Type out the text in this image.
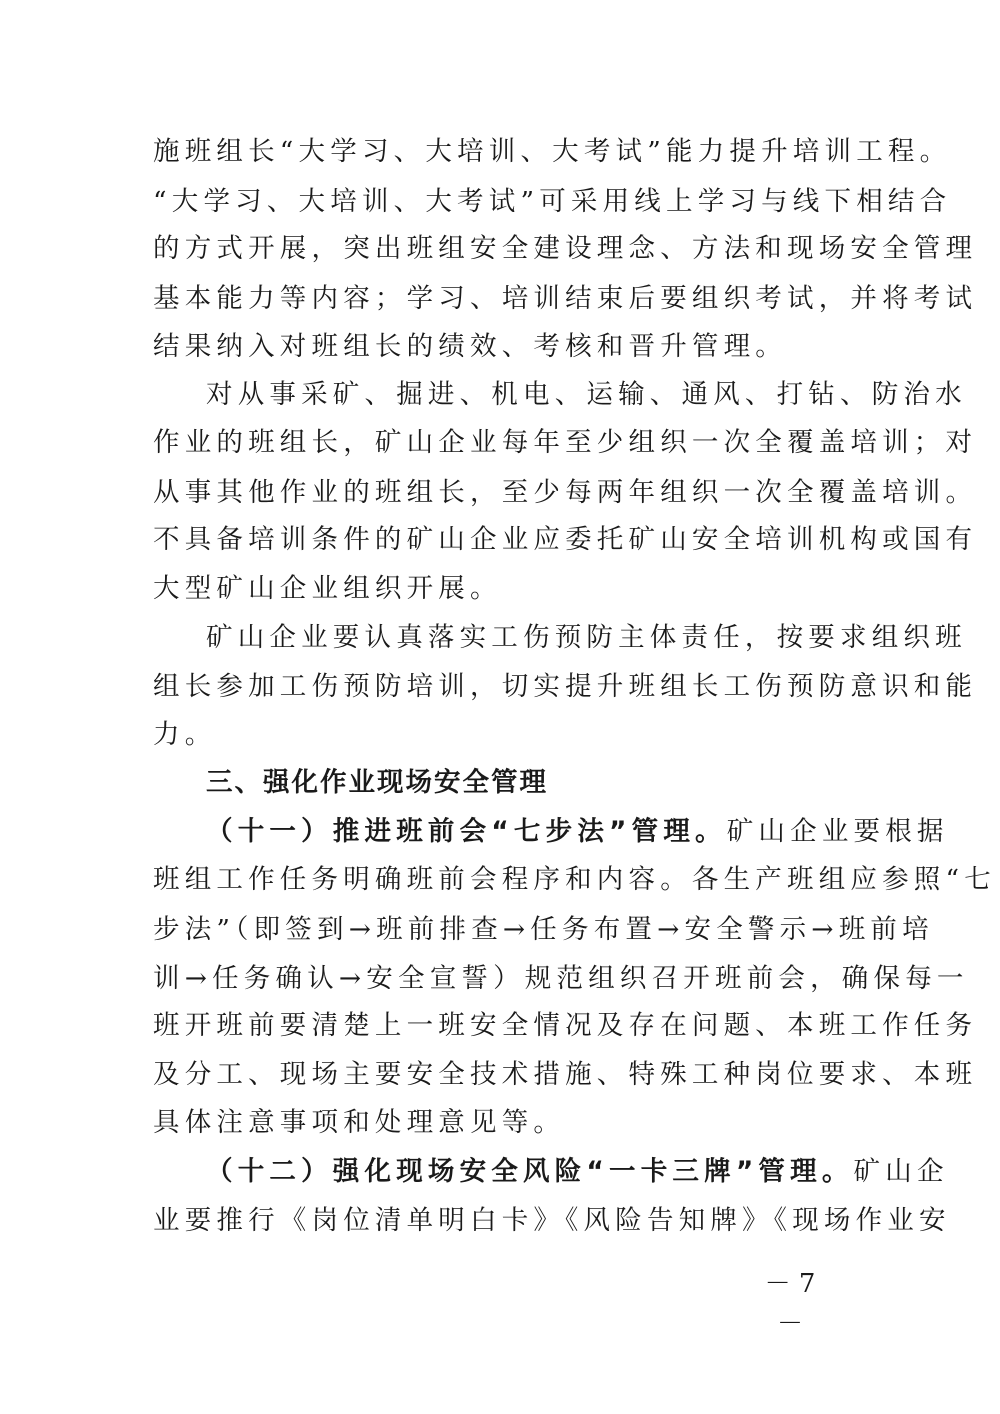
施班组长“大学习、大培训、大考试”能力提升培训工程。
“大学习、大培训、大考试”可采用线上学习与线下相结合
的方式开展，突出班组安全建设理念、方法和现场安全管理
基本能力等内容；学习、培训结束后要组织考试，并将考试
结果纳入对班组长的绩效、考核和晋升管理。
对从事采矿、掘进、机电、运输、通风、打钻、防治水
作业的班组长，矿山企业每年至少组织一次全覆盖培训；对
从事其他作业的班组长，至少每两年组织一次全覆盖培训。
不具备培训条件的矿山企业应委托矿山安全培训机构或国有
大型矿山企业组织开展。
矿山企业要认真落实工伤预防主体责任，按要求组织班
组长参加工伤预防培训，切实提升班组长工伤预防意识和能
力。
三、强化作业现场安全管理
（十一）推进班前会“七步法”管理。矿山企业要根据
班组工作任务明确班前会程序和内容。各生产班组应参照“七
步法”（即签到→班前排查→任务布置→安全警示→班前培
训→任务确认→安全宣誓）规范组织召开班前会，确保每一
班开班前要清楚上一班安全情况及存在问题、本班工作任务
及分工、现场主要安全技术措施、特殊工种岗位要求、本班
具体注意事项和处理意见等。
（十二）强化现场安全风险“一卡三牌”管理。矿山企
业要推行《岗位清单明白卡》《风险告知牌》《现场作业安
－ 7 －
